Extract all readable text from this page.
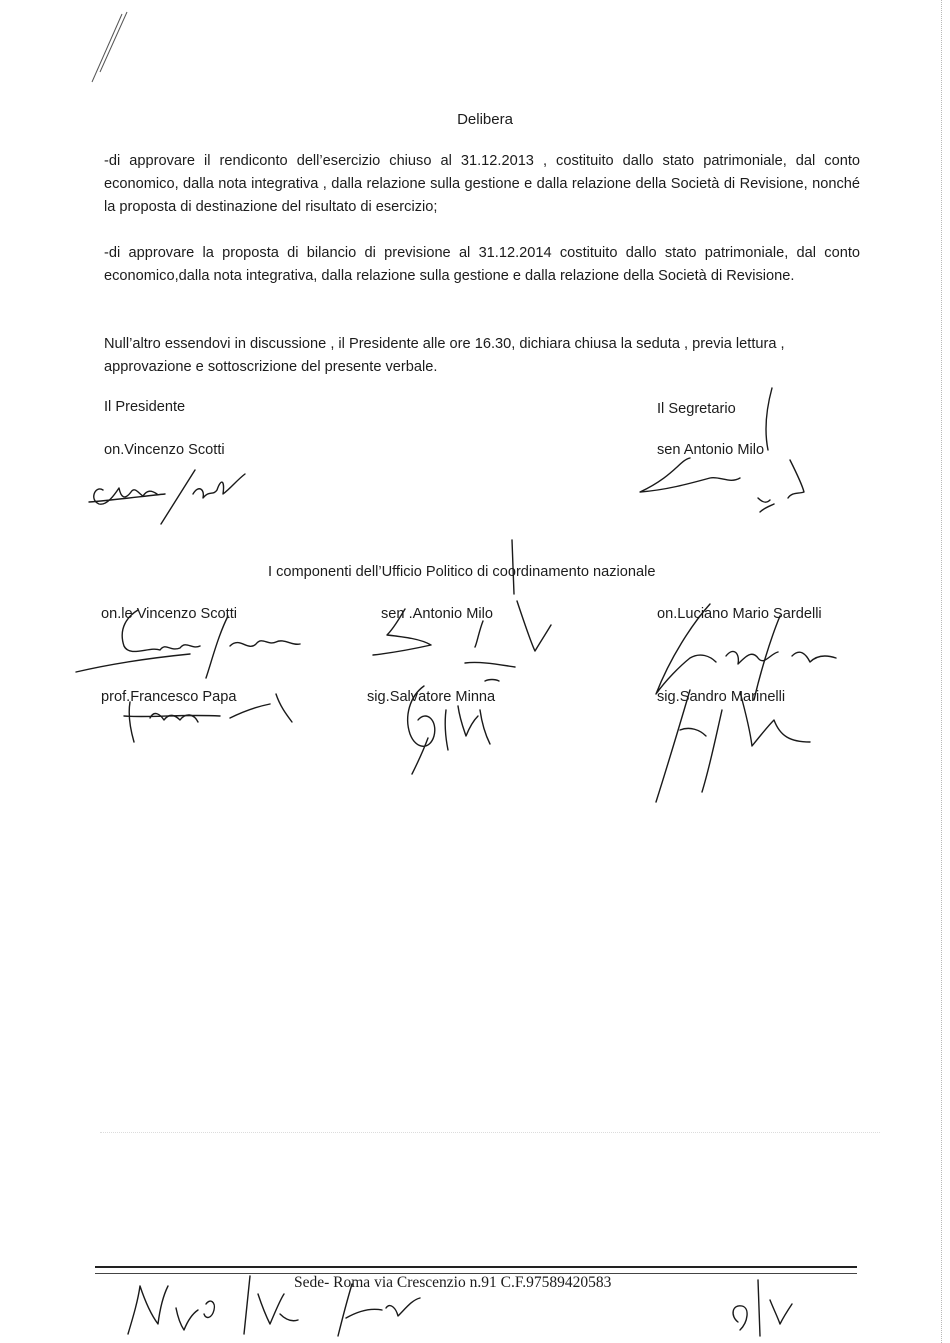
Delibera

-di approvare il rendiconto dell’esercizio chiuso al 31.12.2013 , costituito dallo stato patrimoniale, dal conto economico, dalla nota integrativa , dalla relazione sulla gestione e dalla relazione della Società di Revisione, nonché la proposta di destinazione del risultato di esercizio;

-di approvare la proposta di bilancio di previsione al 31.12.2014 costituito dallo stato patrimoniale, dal conto economico,dalla nota integrativa, dalla relazione sulla gestione e dalla relazione della Società di Revisione.

Null’altro essendovi in discussione , il Presidente alle ore 16.30, dichiara chiusa la seduta , previa lettura , approvazione e sottoscrizione del presente verbale.

Il Presidente
on.Vincenzo Scotti
Il Segretario
sen Antonio Milo
I componenti dell’Ufficio Politico di coordinamento nazionale
on.le Vincenzo Scotti	sen .Antonio Milo	on.Luciano Mario Sardelli
prof.Francesco Papa	sig.Salvatore Minna	sig.Sandro Marinelli
Sede- Roma via Crescenzio n.91 C.F.97589420583
